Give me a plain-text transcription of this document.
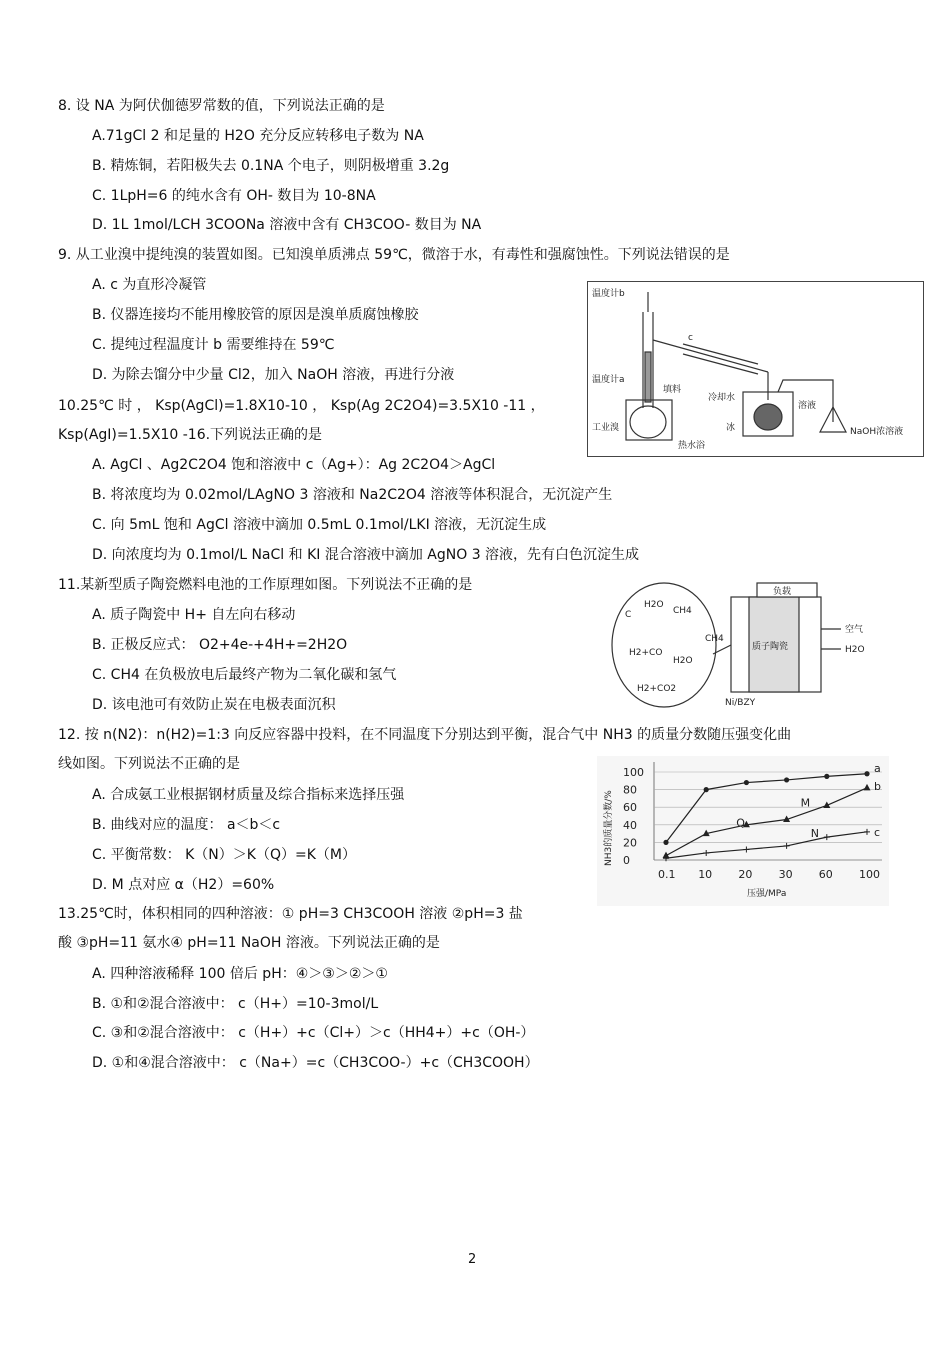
8. 设 NA 为阿伏伽德罗常数的值，下列说法正确的是
A.71gCl 2 和足量的 H2O 充分反应转移电子数为 NA
B. 精炼铜，若阳极失去 0.1NA 个电子，则阴极增重 3.2g
C. 1LpH=6 的纯水含有 OH- 数目为 10-8NA
D. 1L 1mol/LCH 3COONa 溶液中含有 CH3COO- 数目为 NA
9. 从工业溴中提纯溴的装置如图。已知溴单质沸点 59℃，微溶于水，有毒性和强腐蚀性。下列说法错误的是
A. c 为直形冷凝管
B. 仪器连接均不能用橡胶管的原因是溴单质腐蚀橡胶
C. 提纯过程温度计 b 需要维持在 59℃
D. 为除去馏分中少量 Cl2，加入 NaOH 溶液，再进行分液
10.25℃ 时 ， Ksp(AgCl)=1.8X10-10 ， Ksp(Ag 2C2O4)=3.5X10 -11 ，
Ksp(AgI)=1.5X10 -16.下列说法正确的是
A. AgCl 、Ag2C2O4 饱和溶液中 c（Ag+）：Ag 2C2O4＞AgCl
B. 将浓度均为 0.02mol/LAgNO 3 溶液和 Na2C2O4 溶液等体积混合，无沉淀产生
C. 向 5mL 饱和 AgCl 溶液中滴加 0.5mL 0.1mol/LKI 溶液，无沉淀生成
D. 向浓度均为 0.1mol/L NaCl 和 KI 混合溶液中滴加 AgNO 3 溶液，先有白色沉淀生成
11.某新型质子陶瓷燃料电池的工作原理如图。下列说法不正确的是
A. 质子陶瓷中 H+ 自左向右移动
B. 正极反应式： O2+4e-+4H+=2H2O
C. CH4 在负极放电后最终产物为二氧化碳和氢气
D. 该电池可有效防止炭在电极表面沉积
12. 按 n(N2)：n(H2)=1:3 向反应容器中投料，在不同温度下分别达到平衡，混合气中 NH3 的质量分数随压强变化曲
线如图。下列说法不正确的是
A. 合成氨工业根据钢材质量及综合指标来选择压强
B. 曲线对应的温度： a＜b＜c
C. 平衡常数： K（N）＞K（Q）=K（M）
D. M 点对应 α（H2）=60%
13.25℃时，体积相同的四种溶液：① pH=3 CH3COOH 溶液 ②pH=3 盐
酸 ③pH=11 氨水④ pH=11 NaOH 溶液。下列说法正确的是
A. 四种溶液稀释 100 倍后 pH：④＞③＞②＞①
B. ①和②混合溶液中： c（H+）=10-3mol/L
C. ③和②混合溶液中： c（H+）+c（Cl+）＞c（HH4+）+c（OH-）
D. ①和④混合溶液中： c（Na+）=c（CH3COO-）+c（CH3COOH）
温度计b
c
温度计a
填料
冷却水
工业溴
热水浴
冰
溶液
NaOH浓溶液
负载
H2O
CH4
C
H2+CO
H2O
H2+CO2
CH4
质子陶瓷
空气
H2O
Ni/BZY
100
80
60
40
20
0
0.1 10 20 30 60 100
a
b
c
M
Q
N
压强/MPa
NH3的质量分数/%
2
